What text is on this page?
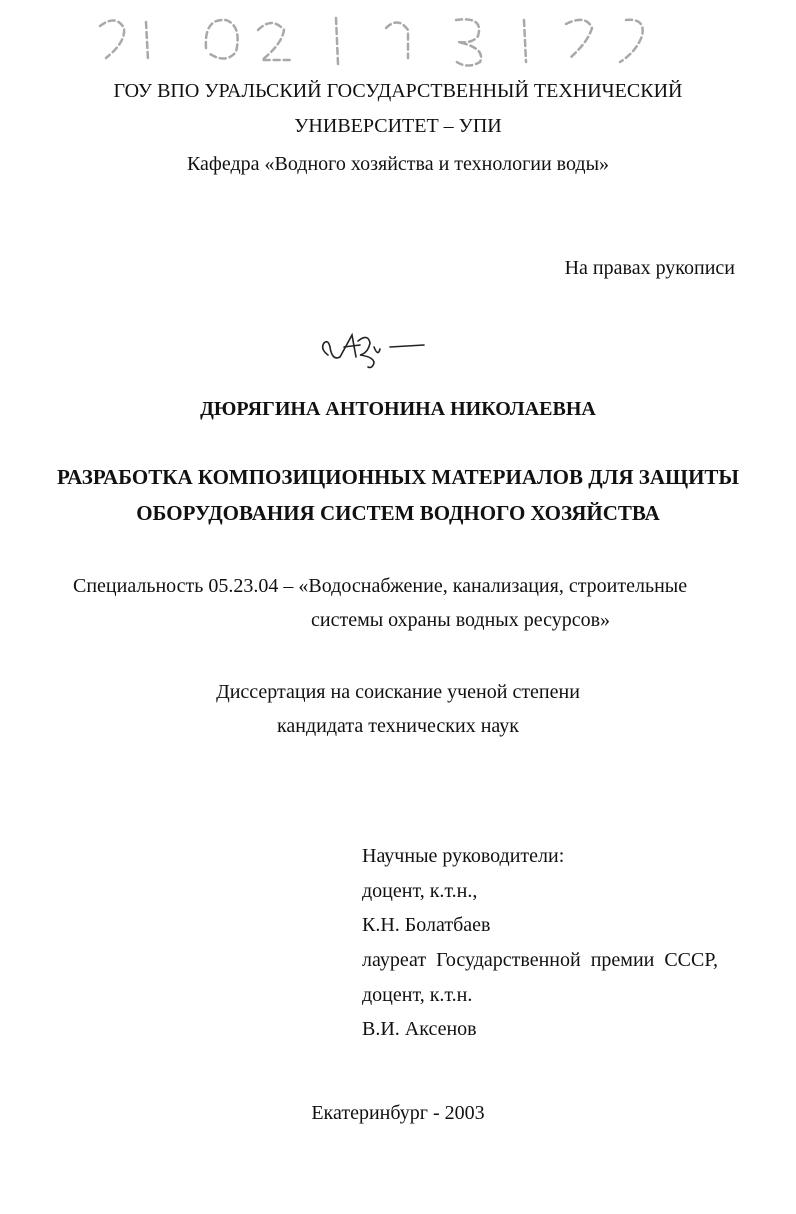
ГОУ ВПО УРАЛЬСКИЙ ГОСУДАРСТВЕННЫЙ ТЕХНИЧЕСКИЙ
УНИВЕРСИТЕТ – УПИ
Кафедра «Водного хозяйства и технологии воды»
На правах рукописи
ДЮРЯГИНА АНТОНИНА НИКОЛАЕВНА
РАЗРАБОТКА КОМПОЗИЦИОННЫХ МАТЕРИАЛОВ ДЛЯ ЗАЩИТЫ
ОБОРУДОВАНИЯ СИСТЕМ ВОДНОГО ХОЗЯЙСТВА
Специальность 05.23.04 – «Водоснабжение, канализация, строительные
системы охраны водных ресурсов»
Диссертация на соискание ученой степени
кандидата технических наук
Научные руководители:
доцент, к.т.н.,
К.Н. Болатбаев
лауреат  Государственной  премии  СССР,
доцент, к.т.н.
В.И. Аксенов
Екатеринбург - 2003
